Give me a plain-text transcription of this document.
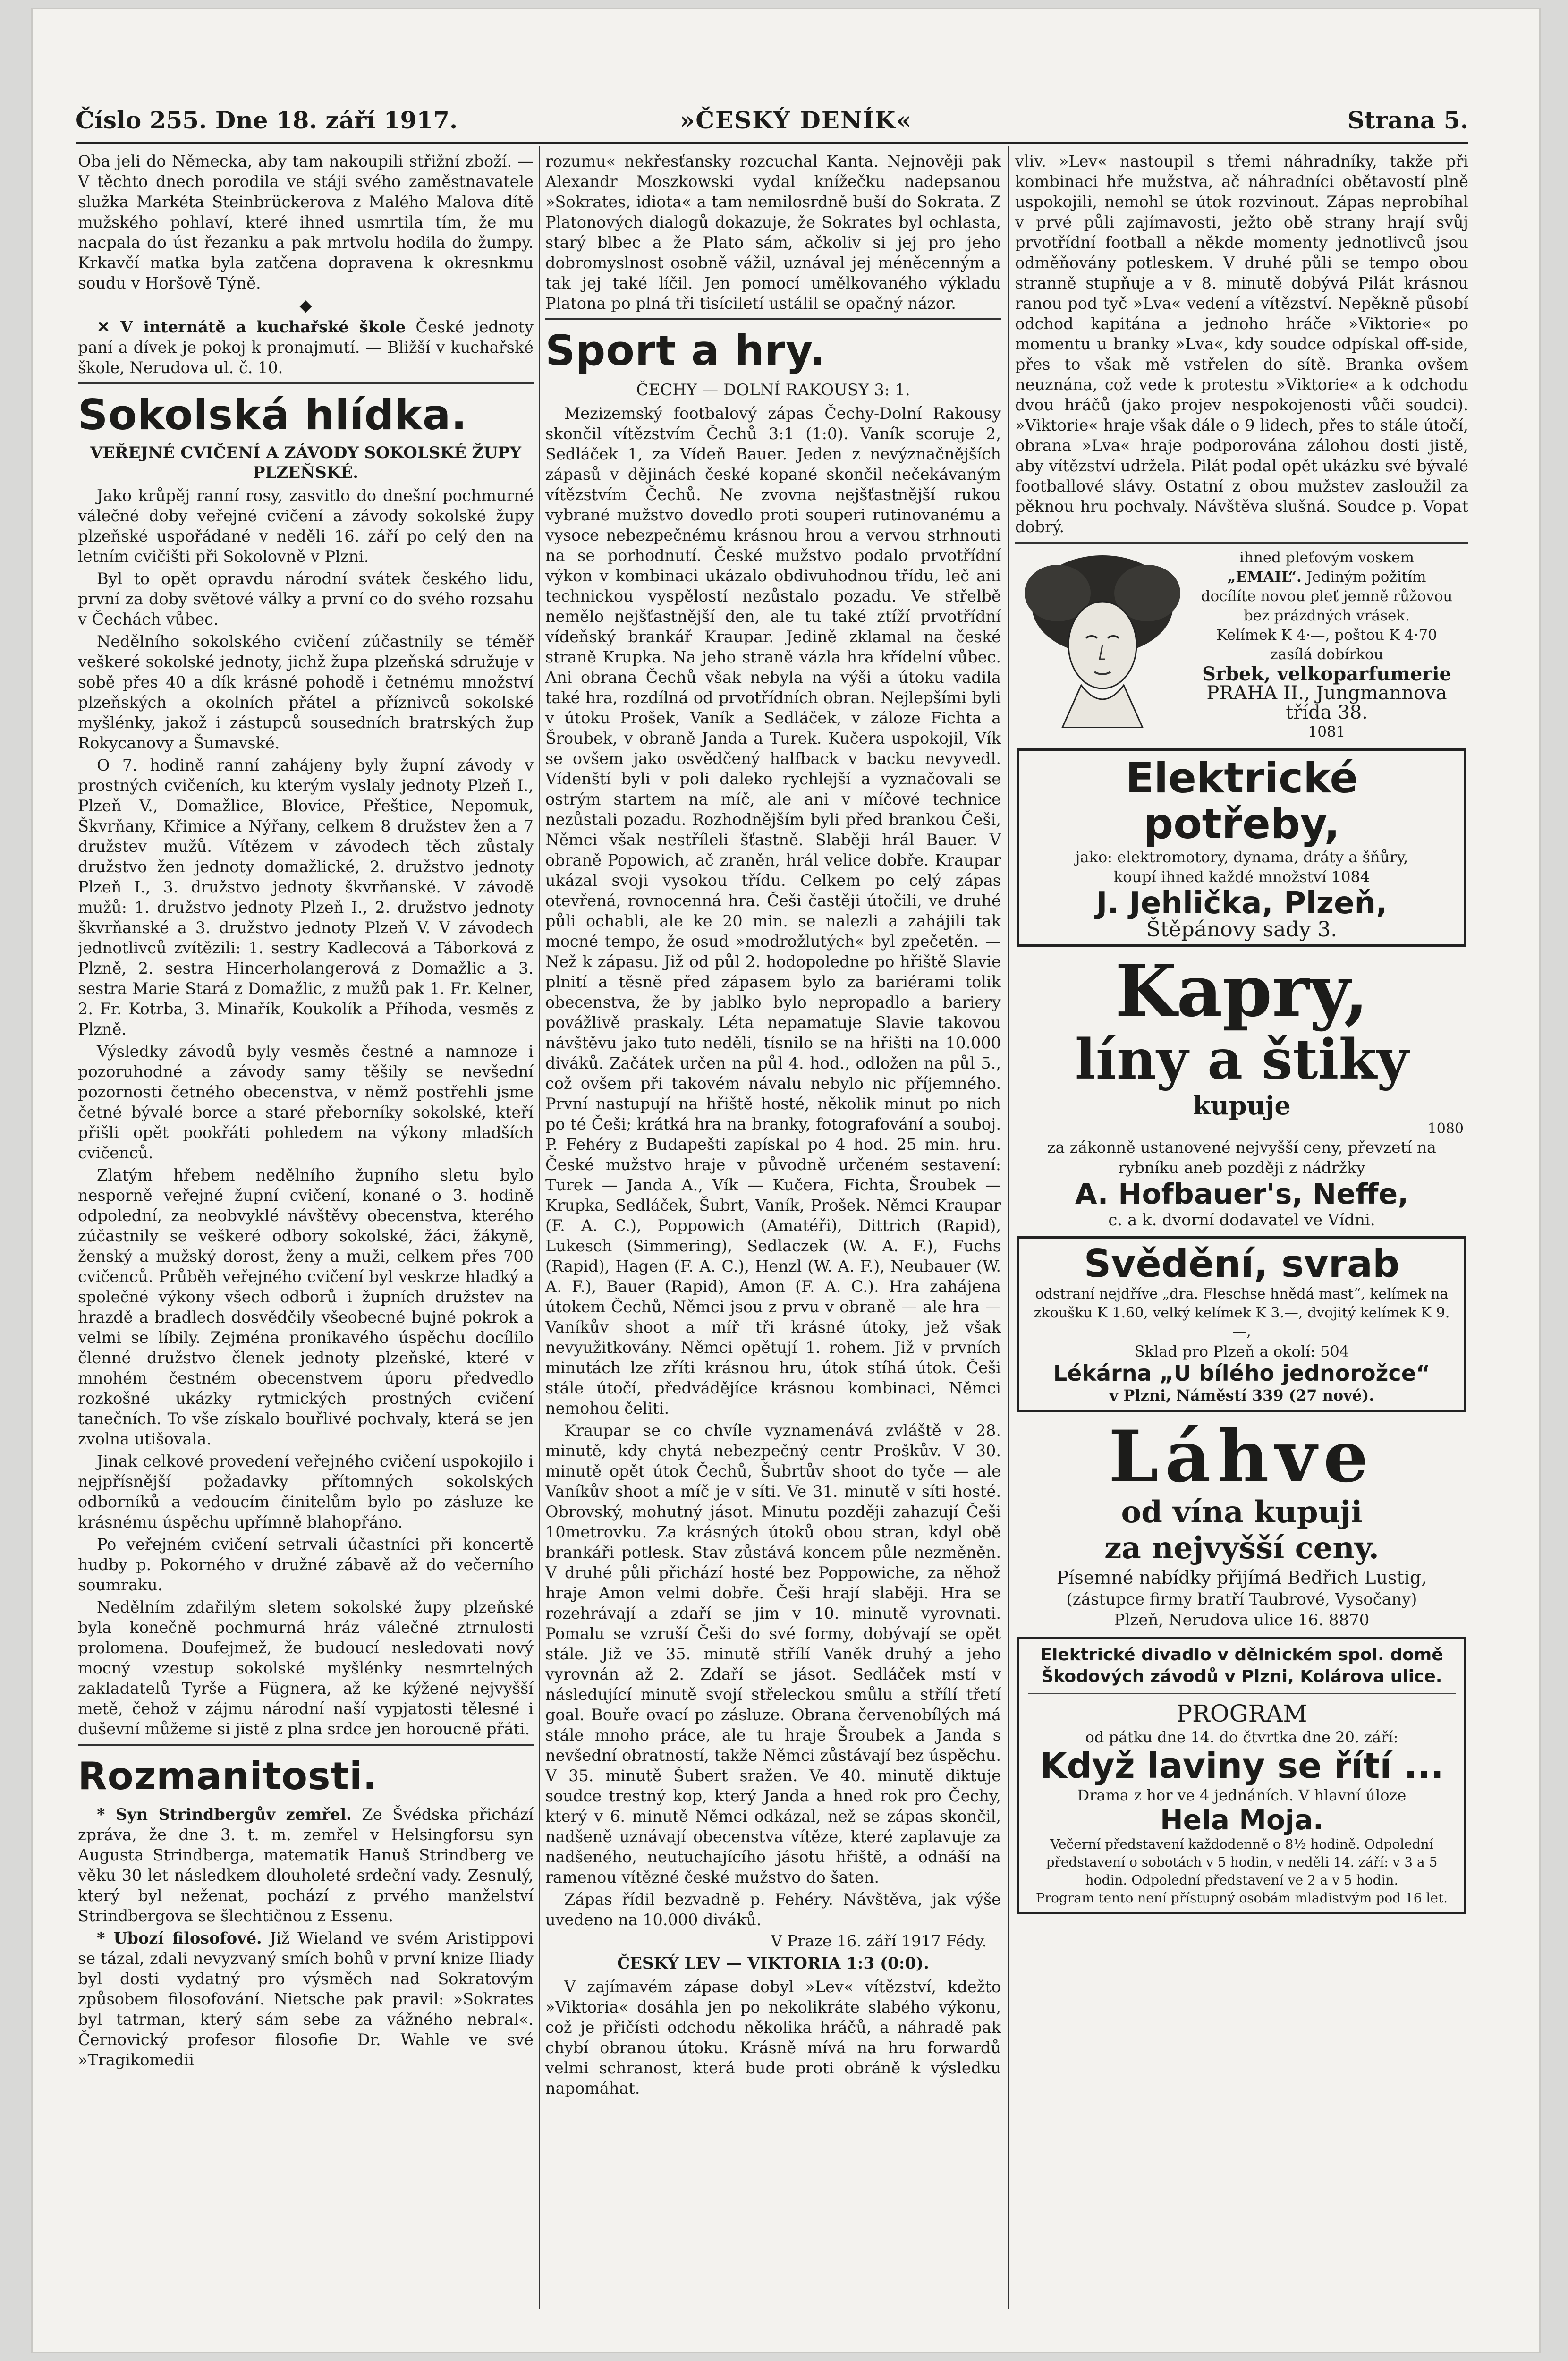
Číslo 255. Dne 18. září 1917.	»ČESKÝ DENÍK«	Strana 5.

Oba jeli do Německa, aby tam nakoupili střižní zboží. — V těchto dnech porodila ve stáji svého zaměstnavatele služka Markéta Steinbrückerova z Malého Malova dítě mužského pohlaví, které ihned usmrtila tím, že mu nacpala do úst řezanku a pak mrtvolu hodila do žumpy. Krkavčí matka byla zatčena dopravena k okresnkmu soudu v Horšově Týně.

◆

✕ V internátě a kuchařské škole České jednoty paní a dívek je pokoj k pronajmutí. — Bližší v kuchařské škole, Nerudova ul. č. 10.

Sokolská hlídka.
VEŘEJNÉ CVIČENÍ A ZÁVODY SOKOLSKÉ ŽUPY PLZEŇSKÉ.

Jako krůpěj ranní rosy, zasvitlo do dnešní pochmurné válečné doby veřejné cvičení a závody sokolské župy plzeňské uspořádané v neděli 16. září po celý den na letním cvičišti při Sokolovně v Plzni.

Byl to opět opravdu národní svátek českého lidu, první za doby světové války a první co do svého rozsahu v Čechách vůbec.

Nedělního sokolského cvičení zúčastnily se téměř veškeré sokolské jednoty, jichž župa plzeňská sdružuje v sobě přes 40 a dík krásné pohodě i četnému množství plzeňských a okolních přátel a příznivců sokolské myšlénky, jakož i zástupců sousedních bratrských žup Rokycanovy a Šumavské.

O 7. hodině ranní zahájeny byly župní závody v prostných cvičeních, ku kterým vyslaly jednoty Plzeň I., Plzeň V., Domažlice, Blovice, Přeštice, Nepomuk, Škvrňany, Křimice a Nýřany, celkem 8 družstev žen a 7 družstev mužů. Vítězem v závodech těch zůstaly družstvo žen jednoty domažlické, 2. družstvo jednoty Plzeň I., 3. družstvo jednoty škvrňanské. V závodě mužů: 1. družstvo jednoty Plzeň I., 2. družstvo jednoty škvrňanské a 3. družstvo jednoty Plzeň V. V závodech jednotlivců zvítězili: 1. sestry Kadlecová a Táborková z Plzně, 2. sestra Hincerholangerová z Domažlic a 3. sestra Marie Stará z Domažlic, z mužů pak 1. Fr. Kelner, 2. Fr. Kotrba, 3. Minařík, Koukolík a Příhoda, vesměs z Plzně.

Výsledky závodů byly vesměs čestné a namnoze i pozoruhodné a závody samy těšily se nevšední pozornosti četného obecenstva, v němž postřehli jsme četné bývalé borce a staré přeborníky sokolské, kteří přišli opět pookřáti pohledem na výkony mladších cvičenců.

Zlatým hřebem nedělního župního sletu bylo nesporně veřejné župní cvičení, konané o 3. hodině odpolední, za neobvyklé návštěvy obecenstva, kterého zúčastnily se veškeré odbory sokolské, žáci, žákyně, ženský a mužský dorost, ženy a muži, celkem přes 700 cvičenců. Průběh veřejného cvičení byl veskrze hladký a společné výkony všech odborů i župních družstev na hrazdě a bradlech dosvědčily všeobecné bujné pokrok a velmi se líbily. Zejména pronikavého úspěchu docílilo členné družstvo členek jednoty plzeňské, které v mnohém čestném obecenstvem úporu předvedlo rozkošné ukázky rytmických prostných cvičení tanečních. To vše získalo bouřlivé pochvaly, která se jen zvolna utišovala.

Jinak celkové provedení veřejného cvičení uspokojilo i nejpřísnější požadavky přítomných sokolských odborníků a vedoucím činitelům bylo po zásluze ke krásnému úspěchu upřímně blahopřáno.

Po veřejném cvičení setrvali účastníci při koncertě hudby p. Pokorného v družné zábavě až do večerního soumraku.

Nedělním zdařilým sletem sokolské župy plzeňské byla konečně pochmurná hráz válečné ztrnulosti prolomena. Doufejmež, že budoucí nesledovati nový mocný vzestup sokolské myšlénky nesmrtelných zakladatelů Tyrše a Fügnera, až ke kýžené nejvyšší metě, čehož v zájmu národní naší vypjatosti tělesné i duševní můžeme si jistě z plna srdce jen horoucně přáti.

Rozmanitosti.

* Syn Strindbergův zemřel. Ze Švédska přichází zpráva, že dne 3. t. m. zemřel v Helsingforsu syn Augusta Strindberga, matematik Hanuš Strindberg ve věku 30 let následkem dlouholeté srdeční vady. Zesnulý, který byl neženat, pochází z prvého manželství Strindbergova se šlechtičnou z Essenu.

* Ubozí filosofové. Již Wieland ve svém Aristippovi se tázal, zdali nevyzvaný smích bohů v první knize Iliady byl dosti vydatný pro výsměch nad Sokratovým způsobem filosofování. Nietsche pak pravil: »Sokrates byl tatrman, který sám sebe za vážného nebral«. Černovický profesor filosofie Dr. Wahle ve své »Tragikomedii

rozumu« nekřesťansky rozcuchal Kanta. Nejnověji pak Alexandr Moszkowski vydal knížečku nadepsanou »Sokrates, idiota« a tam nemilosrdně buší do Sokrata. Z Platonových dialogů dokazuje, že Sokrates byl ochlasta, starý blbec a že Plato sám, ačkoliv si jej pro jeho dobromyslnost osobně vážil, uznával jej méněcenným a tak jej také líčil. Jen pomocí umělkovaného výkladu Platona po plná tři tisíciletí ustálil se opačný názor.

Sport a hry.
ČECHY — DOLNÍ RAKOUSY 3: 1.

Mezizemský footbalový zápas Čechy-Dolní Rakousy skončil vítězstvím Čechů 3:1 (1:0). Vaník scoruje 2, Sedláček 1, za Vídeň Bauer. Jeden z nevýznačnějších zápasů v dějinách české kopané skončil nečekávaným vítězstvím Čechů. Ne zvovna nejšťastnější rukou vybrané mužstvo dovedlo proti souperi rutinovanému a vysoce nebezpečnému krásnou hrou a vervou strhnouti na se porhodnutí. České mužstvo podalo prvotřídní výkon v kombinaci ukázalo obdivuhodnou třídu, leč ani technickou vyspělostí nezůstalo pozadu. Ve střelbě nemělo nejšťastnější den, ale tu také ztíží prvotřídní vídeňský brankář Kraupar. Jedině zklamal na české straně Krupka. Na jeho straně vázla hra křídelní vůbec. Ani obrana Čechů však nebyla na výši a útoku vadila také hra, rozdílná od prvotřídních obran. Nejlepšími byli v útoku Prošek, Vaník a Sedláček, v záloze Fichta a Šroubek, v obraně Janda a Turek. Kučera uspokojil, Vík se ovšem jako osvědčený halfback v backu nevyvedl. Vídenští byli v poli daleko rychlejší a vyznačovali se ostrým startem na míč, ale ani v míčové technice nezůstali pozadu. Rozhodnějším byli před brankou Češi, Němci však nestříleli šťastně. Slaběji hrál Bauer. V obraně Popowich, ač zraněn, hrál velice dobře. Kraupar ukázal svoji vysokou třídu. Celkem po celý zápas otevřená, rovnocenná hra. Češi častěji útočili, ve druhé půli ochabli, ale ke 20 min. se nalezli a zahájili tak mocné tempo, že osud »modrožlutých« byl zpečetěn. — Než k zápasu. Již od půl 2. hodopoledne po hřiště Slavie plnití a těsně před zápasem bylo za bariérami tolik obecenstva, že by jablko bylo nepropadlo a barierу povážlivě praskaly. Léta nepamatuje Slavie takovou návštěvu jako tuto neděli, tísnilo se na hřišti na 10.000 diváků. Začátek určen na půl 4. hod., odložen na půl 5., což ovšem při takovém návalu nebylo nic příjemného. První nastupují na hřiště hosté, několik minut po nich po té Češi; krátká hra na branky, fotografování a souboj. P. Fehéry z Budapešti zapískal po 4 hod. 25 min. hru. České mužstvo hraje v původně určeném sestavení: Turek — Janda A., Vík — Kučera, Fichta, Šroubek — Krupka, Sedláček, Šubrt, Vaník, Prošek. Němci Kraupar (F. A. C.), Poppowich (Amatéři), Dittrich (Rapid), Lukesch (Simmering), Sedlaczek (W. A. F.), Fuchs (Rapid), Hagen (F. A. C.), Henzl (W. A. F.), Neubauer (W. A. F.), Bauer (Rapid), Amon (F. A. C.). Hra zahájena útokem Čechů, Němci jsou z prvu v obraně — ale hra — Vaníkův shoot a míř tři krásné útoky, jež však nevyužitkovány. Němci opětují 1. rohem. Již v prvních minutách lze zříti krásnou hru, útok stíhá útok. Češi stále útočí, předvádějíce krásnou kombinaci, Němci nemohou čeliti.

Kraupar se co chvíle vyznamenává zvláště v 28. minutě, kdy chytá nebezpečný centr Proškův. V 30. minutě opět útok Čechů, Šubrtův shoot do tyče — ale Vaníkův shoot a míč je v síti. Ve 31. minutě v síti hosté. Obrovský, mohutný jásot. Minutu později zahazují Češi 10metrovku. Za krásných útoků obou stran, kdyl obě brankáři potlesk. Stav zůstává koncem půle nezměněn. V druhé půli přichází hosté bez Poppowiche, za něhož hraje Amon velmi dobře. Češi hrají slaběji. Hra se rozehrávají a zdaří se jim v 10. minutě vyrovnati. Pomalu se vzruší Češi do své formy, dobývají se opět stále. Již ve 35. minutě střílí Vaněk druhý a jeho vyrovnán až 2. Zdaří se jásot. Sedláček mstí v následující minutě svojí střeleckou smůlu a střílí třetí goal. Bouře ovací po zásluze. Obrana červenobílých má stále mnoho práce, ale tu hraje Šroubek a Janda s nevšední obratností, takže Němci zůstávají bez úspěchu. V 35. minutě Šubert sražen. Ve 40. minutě diktuje soudce trestný kop, který Janda a hned rok pro Čechy, který v 6. minutě Němci odkázal, než se zápas skončil, nadšeně uznávají obecenstva vítěze, které zaplavuje za nadšeného, neutuchajícího jásotu hřiště, a odnáší na ramenou vítězné české mužstvo do šaten.

Zápas řídil bezvadně p. Fehéry. Návštěva, jak výše uvedeno na 10.000 diváků.

V Praze 16. září 1917 Fédy.
ČESKÝ LEV — VIKTORIA 1:3 (0:0).

V zajímavém zápase dobyl »Lev« vítězství, kdežto »Viktoria« dosáhla jen po nekolikráte slabého výkonu, což je přičísti odchodu několika hráčů, a náhradě pak chybí obranou útoku. Krásně mívá na hru forwardů velmi schranost, která bude proti obráně k výsledku napomáhat.

vliv. »Lev« nastoupil s třemi náhradníky, takže při kombinaci hře mužstva, ač náhradníci obětavostí plně uspokojili, nemohl se útok rozvinout. Zápas neprobíhal v prvé půli zajímavosti, ježto obě strany hrají svůj prvotřídní football a někde momenty jednotlivců jsou odměňovány potleskem. V druhé půli se tempo obou stranně stupňuje a v 8. minutě dobývá Pilát krásnou ranou pod tyč »Lva« vedení a vítězství. Nepěkně působí odchod kapitána a jednoho hráče »Viktorie« po momentu u branky »Lva«, kdy soudce odpískal off-side, přes to však mě vstřelen do sítě. Branka ovšem neuznána, což vede k protestu »Viktorie« a k odchodu dvou hráčů (jako projev nespokojenosti vůči soudci). »Viktorie« hraje však dále o 9 lidech, přes to stále útočí, obrana »Lva« hraje podporována zálohou dosti jistě, aby vítězství udržela. Pilát podal opět ukázku své bývalé footballové slávy. Ostatní z obou mužstev zasloužil za pěknou hru pochvaly. Návštěva slušná. Soudce p. Vopat dobrý.

ihned pleťovým voskem
„EMAIL“. Jediným požitím
docílíte novou pleť jemně růžovou bez prázdných vrásek.
Kelímek K 4·—, poštou K 4·70
zasílá dobírkou
Srbek, velkoparfumerie
PRAHA II., Jungmannova třída 38.
1081
Elektrické potřeby,
jako: elektromotory, dynama, dráty a šňůry,
koupí ihned každé množství 1084
J. Jehlička, Plzeň,
Štěpánovy sady 3.
Kapry,
líny a štiky
kupuje
1080
za zákonně ustanovené nejvyšší ceny, převzetí na rybníku aneb později z nádržky
A. Hofbauer's, Neffe,
c. a k. dvorní dodavatel ve Vídni.
Svědění, svrab
odstraní nejdříve „dra. Fleschse hnědá mast“, kelímek na zkoušku K 1.60, velký kelímek K 3.—, dvojitý kelímek K 9.—,
Sklad pro Plzeň a okolí: 504
Lékárna „U bílého jednorožce“
v Plzni, Náměstí 339 (27 nové).
Láhve
od vína kupuji
za nejvyšší ceny.
Písemné nabídky přijímá Bedřich Lustig,
(zástupce firmy bratří Taubrové, Vysočany)
Plzeň, Nerudova ulice 16. 8870
Elektrické divadlo v dělnickém spol. domě Škodových závodů v Plzni, Kolárova ulice.
PROGRAM
od pátku dne 14. do čtvrtka dne 20. září:
Když laviny se řítí ...
Drama z hor ve 4 jednáních. V hlavní úloze
Hela Moja.
Večerní představení každodenně o 8½ hodině. Odpolední představení o sobotách v 5 hodin, v neděli 14. září: v 3 a 5 hodin. Odpolední představení ve 2 a v 5 hodin.
Program tento není přístupný osobám mladistvým pod 16 let.
